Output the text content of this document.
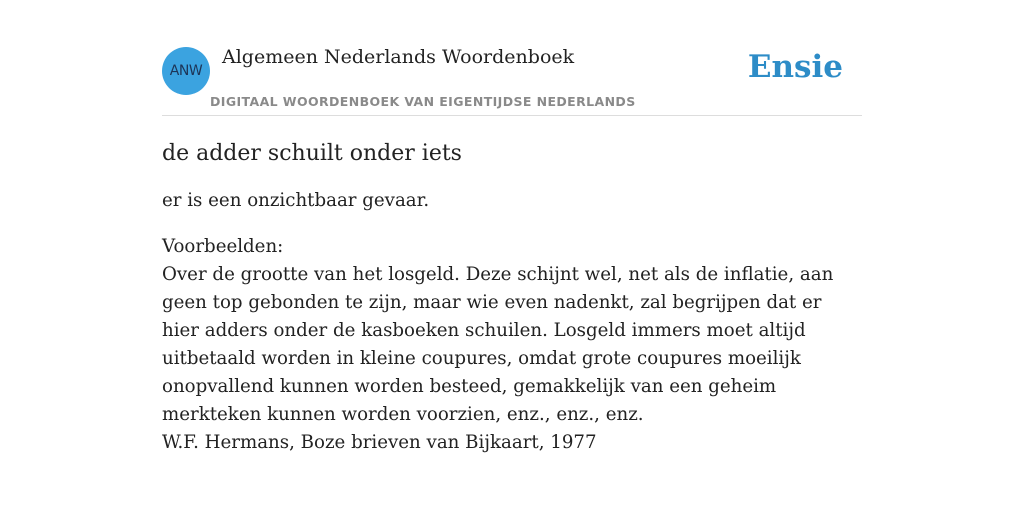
ANW
Algemeen Nederlands Woordenboek
DIGITAAL WOORDENBOEK VAN EIGENTIJDSE NEDERLANDS
Ensie
de adder schuilt onder iets

er is een onzichtbaar gevaar.

Voorbeelden:
Over de grootte van het losgeld. Deze schijnt wel, net als de inflatie, aan geen top gebonden te zijn, maar wie even nadenkt, zal begrijpen dat er hier adders onder de kasboeken schuilen. Losgeld immers moet altijd uitbetaald worden in kleine coupures, omdat grote coupures moeilijk onopvallend kunnen worden besteed, gemakkelijk van een geheim merkteken kunnen worden voorzien, enz., enz., enz.
W.F. Hermans, Boze brieven van Bijkaart, 1977
